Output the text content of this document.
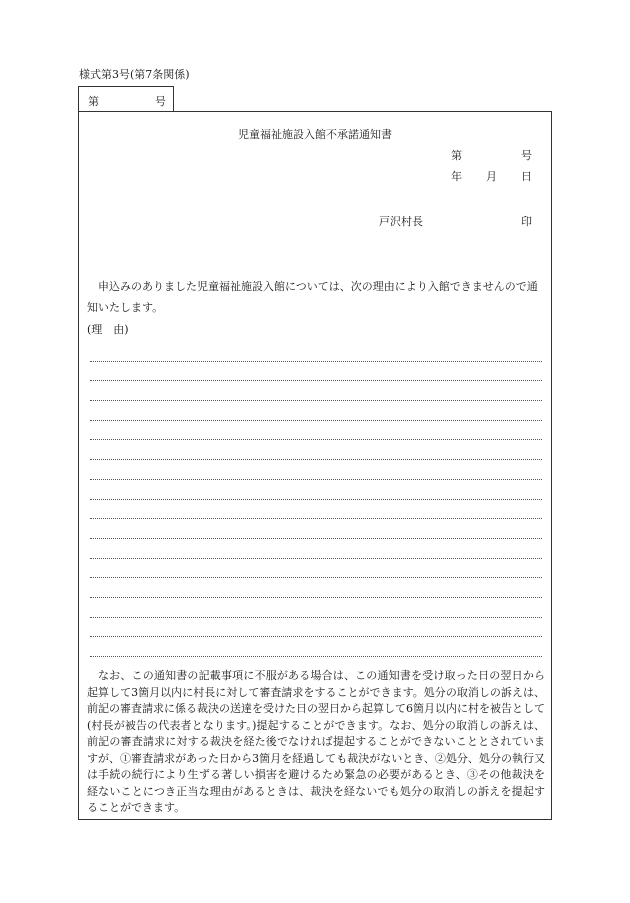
様式第3号(第7条関係)
第	号
児童福祉施設入館不承諾通知書
第	号
年 月 日
戸沢村長	印

申込みのありました児童福祉施設入館については、次の理由により入館できませんので通知いたします。

(理　由)

なお、この通知書の記載事項に不服がある場合は、この通知書を受け取った日の翌日から起算して3箇月以内に村長に対して審査請求をすることができます。処分の取消しの訴えは、前記の審査請求に係る裁決の送達を受けた日の翌日から起算して6箇月以内に村を被告として(村長が被告の代表者となります。)提起することができます。なお、処分の取消しの訴えは、前記の審査請求に対する裁決を経た後でなければ提起することができないこととされていますが、①審査請求があった日から3箇月を経過しても裁決がないとき、②処分、処分の執行又は手続の続行により生ずる著しい損害を避けるため緊急の必要があるとき、③その他裁決を経ないことにつき正当な理由があるときは、裁決を経ないでも処分の取消しの訴えを提起することができます。
